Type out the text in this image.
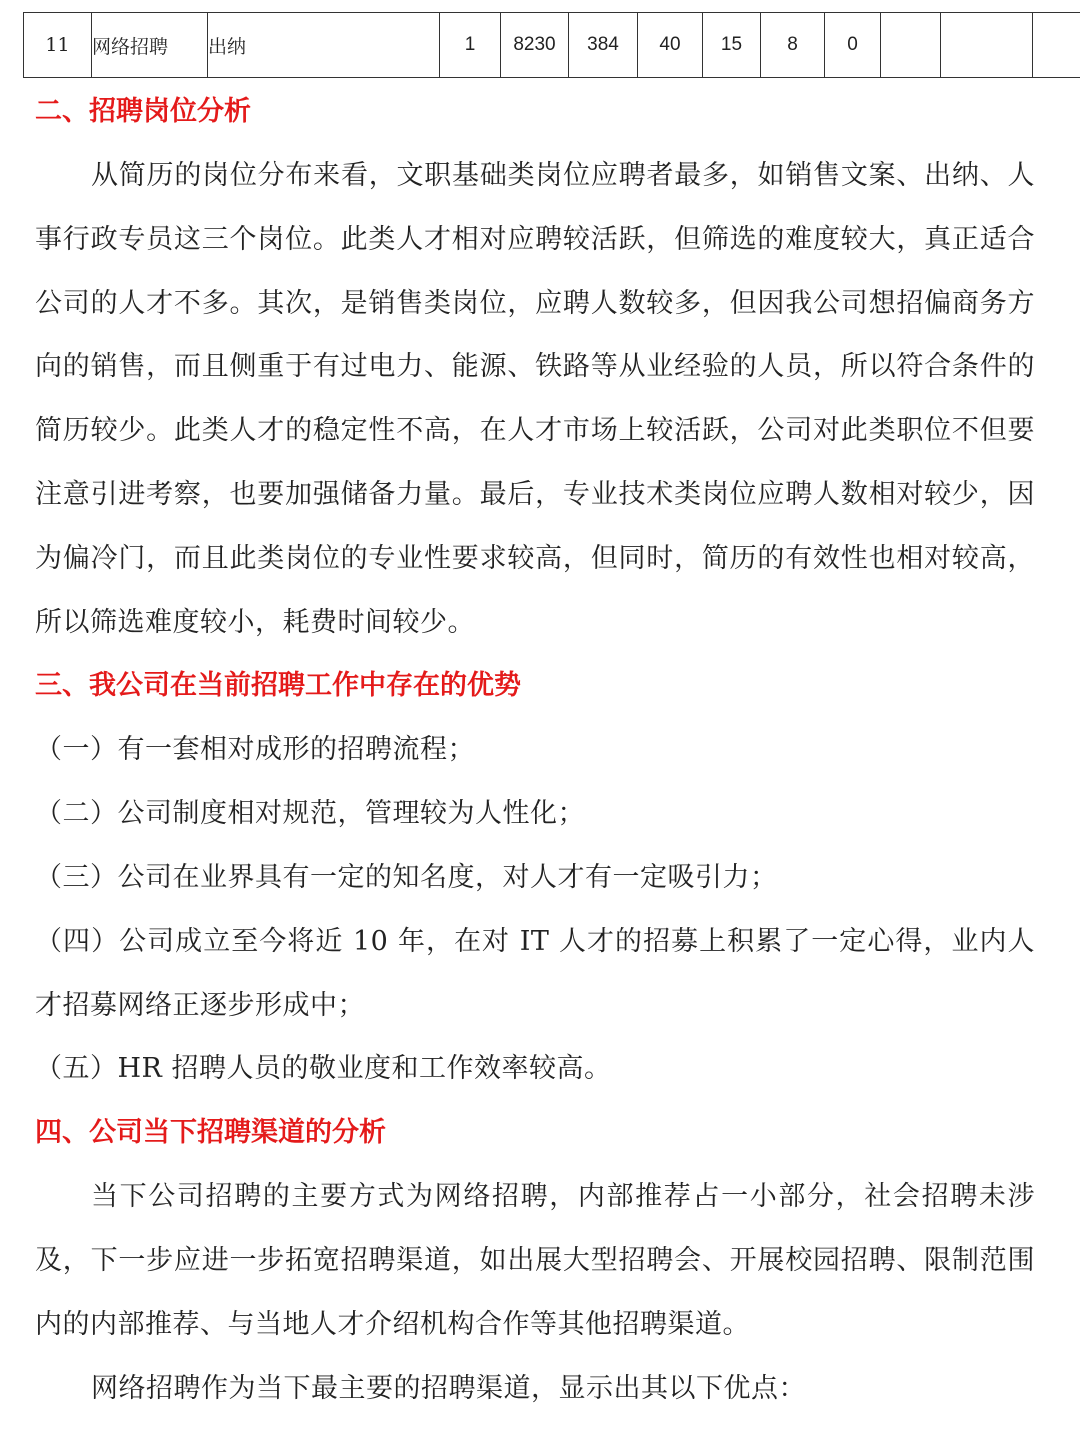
11	网络招聘	出纳	1	8230	384	40	15	8	0			
二、招聘岗位分析

从简历的岗位分布来看，文职基础类岗位应聘者最多，如销售文案、出纳、人事行政专员这三个岗位。此类人才相对应聘较活跃，但筛选的难度较大，真正适合公司的人才不多。其次，是销售类岗位，应聘人数较多，但因我公司想招偏商务方向的销售，而且侧重于有过电力、能源、铁路等从业经验的人员，所以符合条件的简历较少。此类人才的稳定性不高，在人才市场上较活跃，公司对此类职位不但要注意引进考察，也要加强储备力量。最后，专业技术类岗位应聘人数相对较少，因为偏冷门，而且此类岗位的专业性要求较高，但同时，简历的有效性也相对较高，所以筛选难度较小，耗费时间较少。

三、我公司在当前招聘工作中存在的优势

（一）有一套相对成形的招聘流程；

（二）公司制度相对规范，管理较为人性化；

（三）公司在业界具有一定的知名度，对人才有一定吸引力；

（四）公司成立至今将近 10 年，在对 IT 人才的招募上积累了一定心得，业内人才招募网络正逐步形成中；

（五）HR 招聘人员的敬业度和工作效率较高。

四、公司当下招聘渠道的分析

当下公司招聘的主要方式为网络招聘，内部推荐占一小部分，社会招聘未涉及，下一步应进一步拓宽招聘渠道，如出展大型招聘会、开展校园招聘、限制范围内的内部推荐、与当地人才介绍机构合作等其他招聘渠道。

网络招聘作为当下最主要的招聘渠道，显示出其以下优点：
